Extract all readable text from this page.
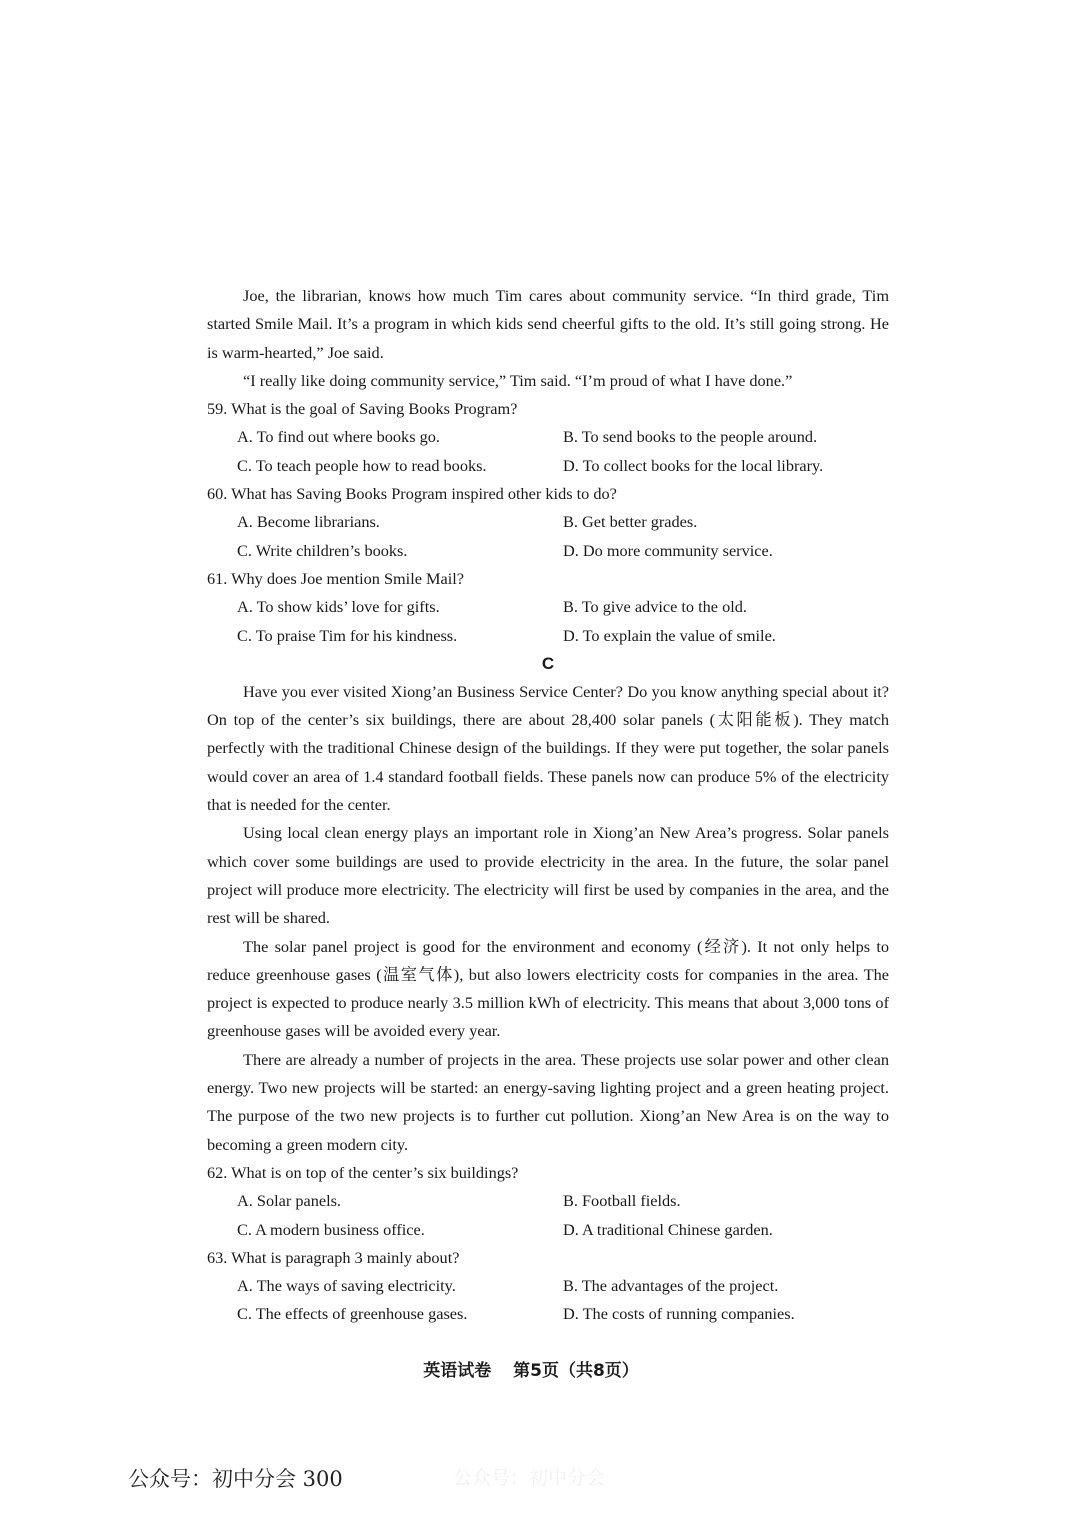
Joe, the librarian, knows how much Tim cares about community service. “In third grade, Tim started Smile Mail. It’s a program in which kids send cheerful gifts to the old. It’s still going strong. He is warm-hearted,” Joe said.

“I really like doing community service,” Tim said. “I’m proud of what I have done.”

59. What is the goal of Saving Books Program?

A. To find out where books go.	B. To send books to the people around.
C. To teach people how to read books.	D. To collect books for the local library.

60. What has Saving Books Program inspired other kids to do?

A. Become librarians.	B. Get better grades.
C. Write children’s books.	D. Do more community service.

61. Why does Joe mention Smile Mail?

A. To show kids’ love for gifts.	B. To give advice to the old.
C. To praise Tim for his kindness.	D. To explain the value of smile.

C

Have you ever visited Xiong’an Business Service Center? Do you know anything special about it? On top of the center’s six buildings, there are about 28,400 solar panels (太阳能板). They match perfectly with the traditional Chinese design of the buildings. If they were put together, the solar panels would cover an area of 1.4 standard football fields. These panels now can produce 5% of the electricity that is needed for the center.

Using local clean energy plays an important role in Xiong’an New Area’s progress. Solar panels which cover some buildings are used to provide electricity in the area. In the future, the solar panel project will produce more electricity. The electricity will first be used by companies in the area, and the rest will be shared.

The solar panel project is good for the environment and economy (经济). It not only helps to reduce greenhouse gases (温室气体), but also lowers electricity costs for companies in the area. The project is expected to produce nearly 3.5 million kWh of electricity. This means that about 3,000 tons of greenhouse gases will be avoided every year.

There are already a number of projects in the area. These projects use solar power and other clean energy. Two new projects will be started: an energy-saving lighting project and a green heating project. The purpose of the two new projects is to further cut pollution. Xiong’an New Area is on the way to becoming a green modern city.

62. What is on top of the center’s six buildings?

A. Solar panels.	B. Football fields.
C. A modern business office.	D. A traditional Chinese garden.

63. What is paragraph 3 mainly about?

A. The ways of saving electricity.	B. The advantages of the project.
C. The effects of greenhouse gases.	D. The costs of running companies.
英语试卷 第5页（共8页）
公众号：初中分会 300	公众号：初中分会
